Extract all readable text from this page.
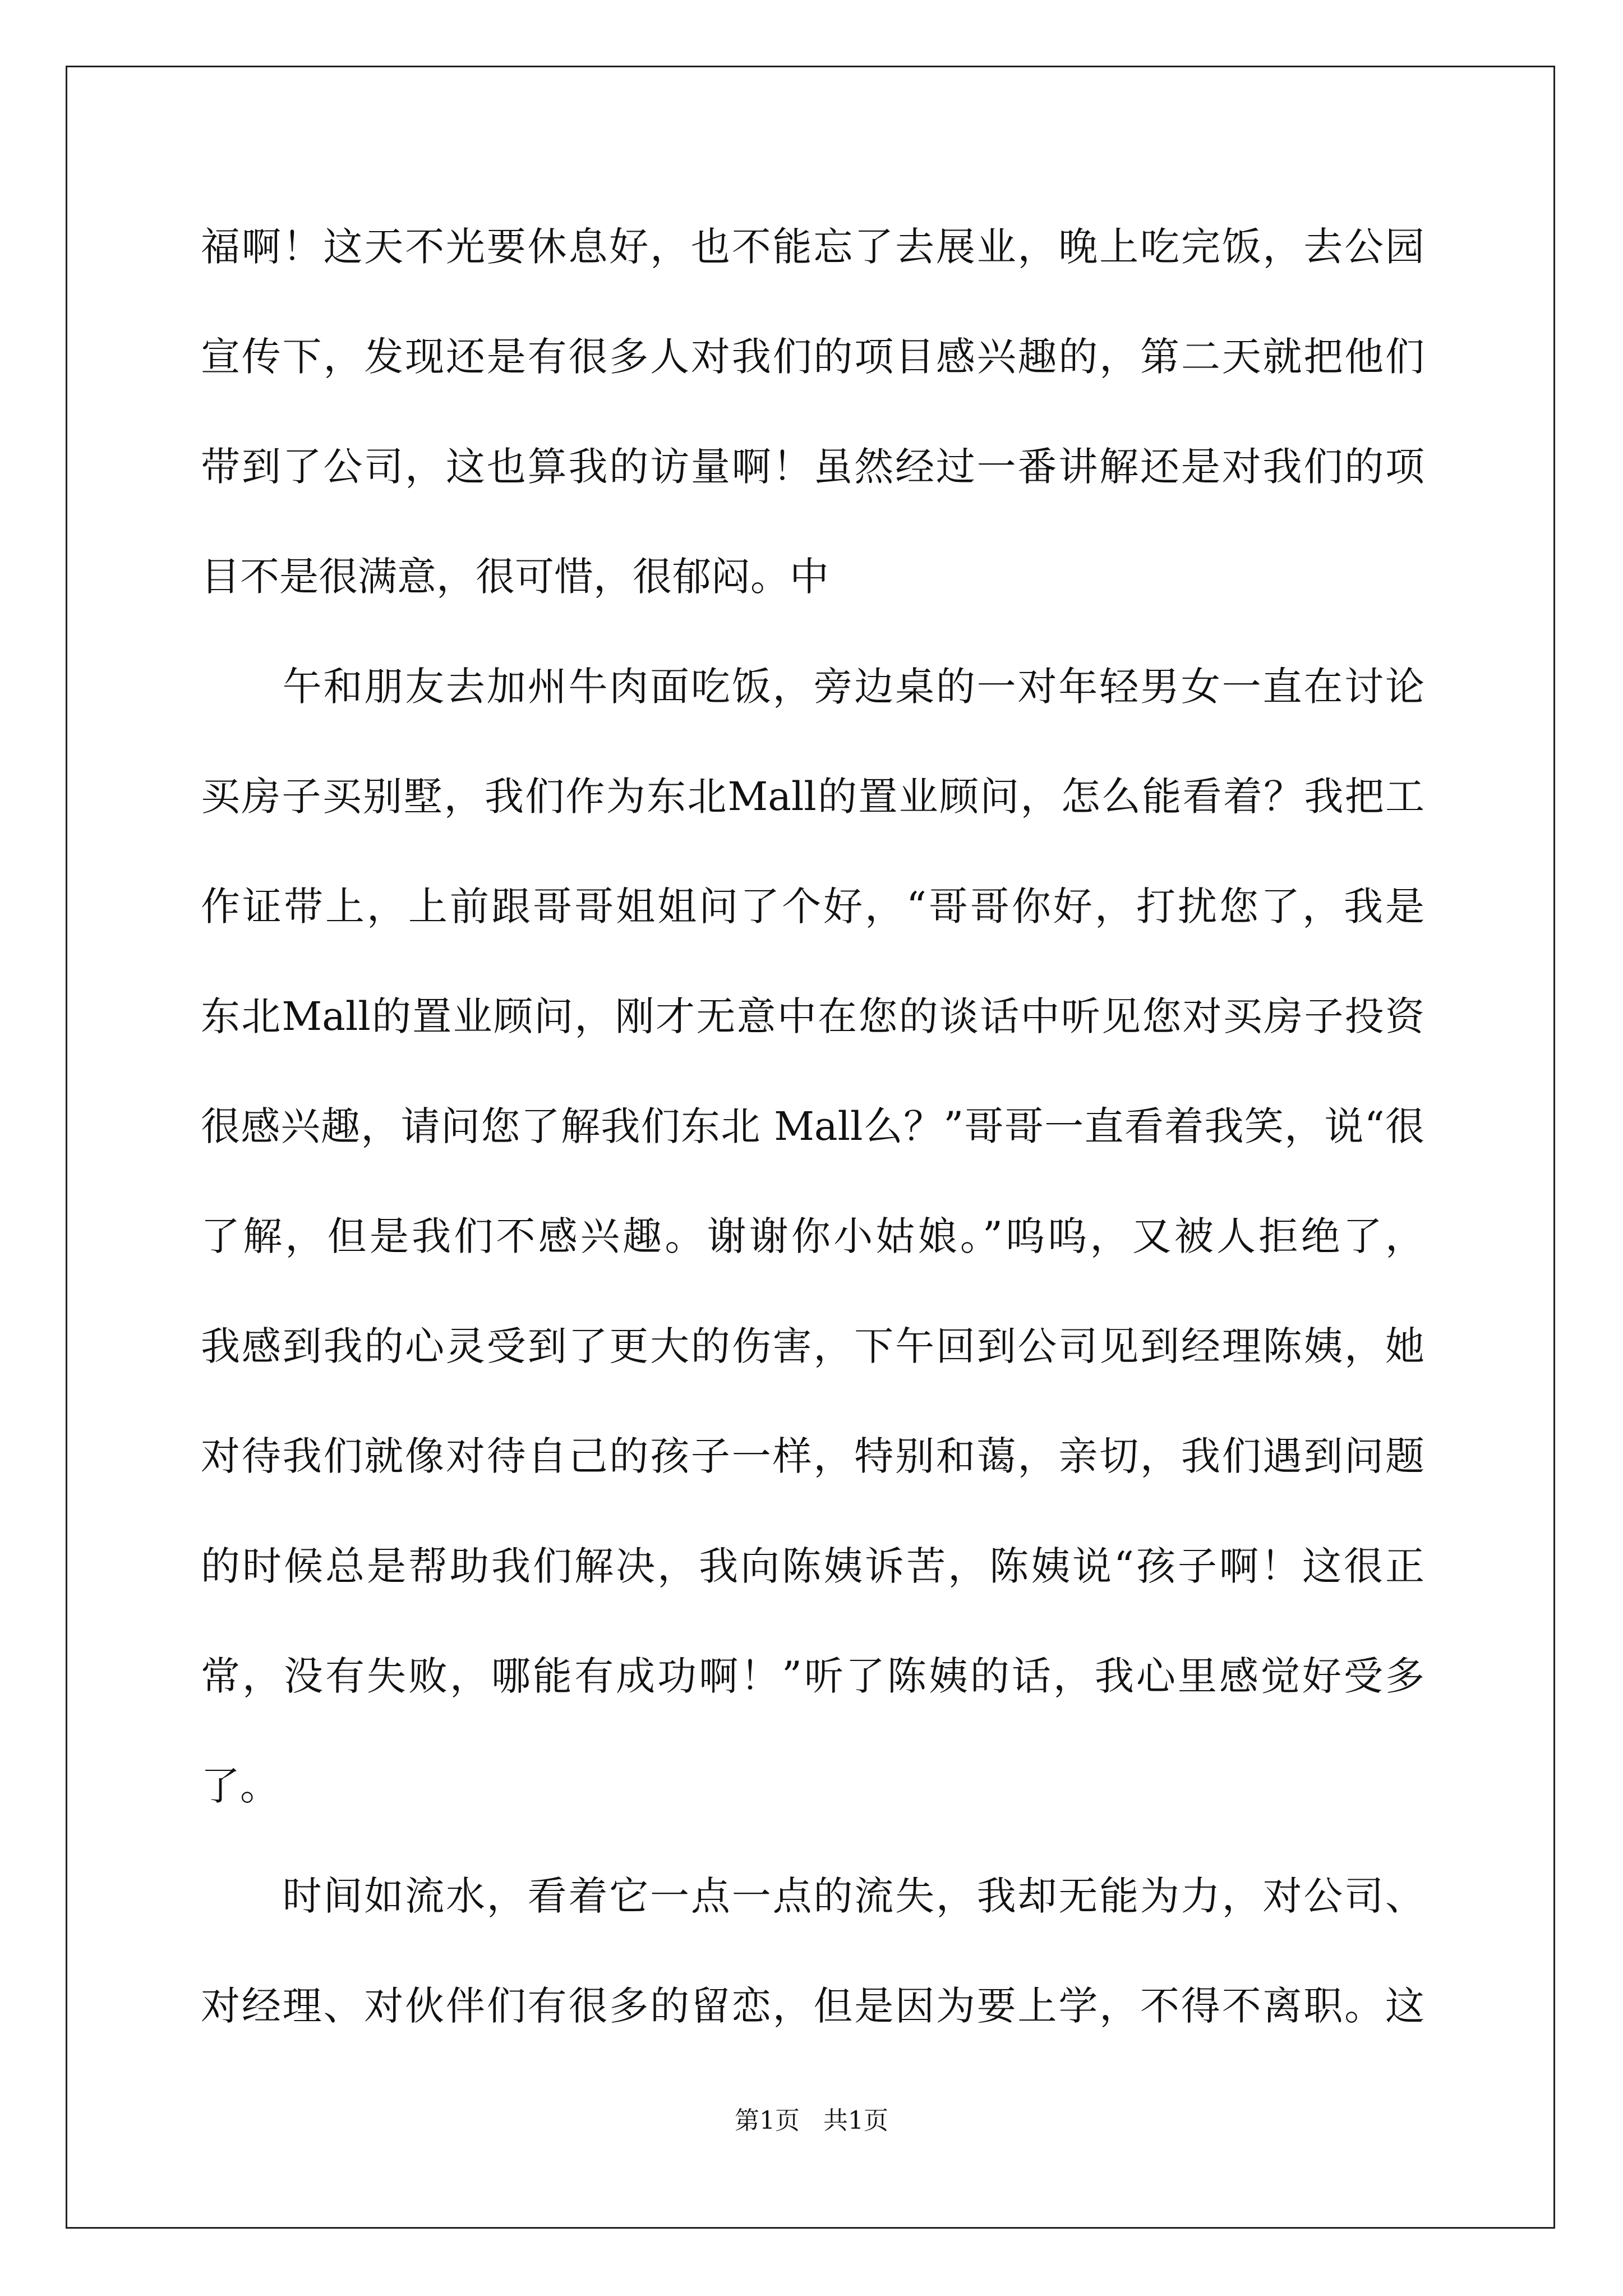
福啊！这天不光要休息好，也不能忘了去展业，晚上吃完饭，去公园
宣传下，发现还是有很多人对我们的项目感兴趣的，第二天就把他们
带到了公司，这也算我的访量啊！虽然经过一番讲解还是对我们的项
目不是很满意，很可惜，很郁闷。中
　　午和朋友去加州牛肉面吃饭，旁边桌的一对年轻男女一直在讨论
买房子买别墅，我们作为东北Mall的置业顾问，怎么能看着？我把工
作证带上，上前跟哥哥姐姐问了个好，“哥哥你好，打扰您了，我是
东北Mall的置业顾问，刚才无意中在您的谈话中听见您对买房子投资
很感兴趣，请问您了解我们东北 Mall么？”哥哥一直看着我笑，说“很
了解，但是我们不感兴趣。谢谢你小姑娘。”呜呜，又被人拒绝了，
我感到我的心灵受到了更大的伤害，下午回到公司见到经理陈姨，她
对待我们就像对待自己的孩子一样，特别和蔼，亲切，我们遇到问题
的时候总是帮助我们解决，我向陈姨诉苦，陈姨说“孩子啊！这很正
常，没有失败，哪能有成功啊！”听了陈姨的话，我心里感觉好受多
了。
　　时间如流水，看着它一点一点的流失，我却无能为力，对公司、
对经理、对伙伴们有很多的留恋，但是因为要上学，不得不离职。这
第1页 共1页
